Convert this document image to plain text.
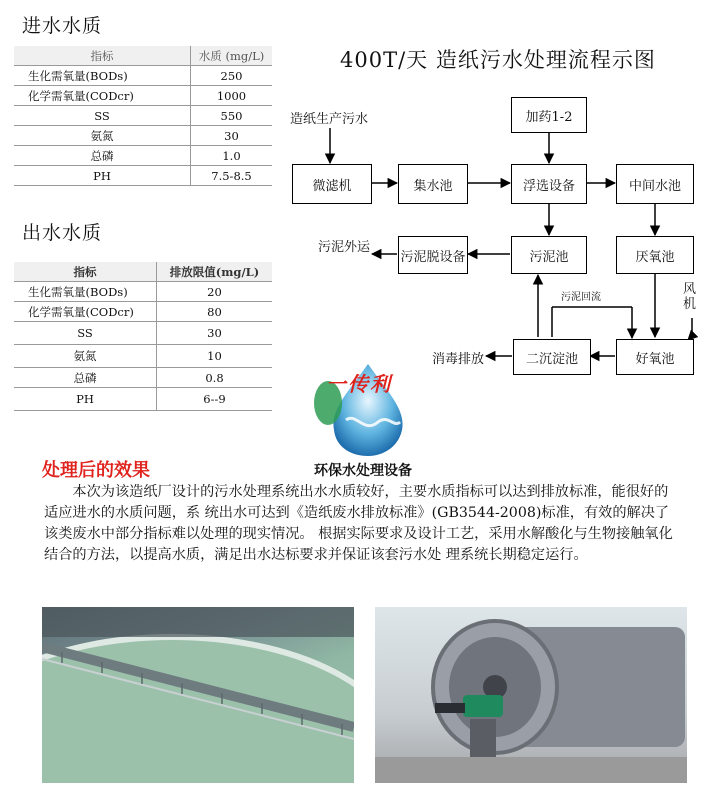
进水水质
指标	水质 (mg/L)
生化需氧量(BODs)	250
化学需氧量(CODcr)	1000
SS	550
氨氮	30
总磷	1.0
PH	7.5-8.5
出水水质
指标	排放限值(mg/L)
生化需氧量(BODs)	20
化学需氧量(CODcr)	80
SS	30
氨氮	10
总磷	0.8
PH	6--9
400T/天 造纸污水处理流程示图
微滤机	集水池	浮选设备	中间水池
加药1-2
污泥脱设备	污泥池	厌氧池
二沉淀池	好氧池
造纸生产污水
污泥外运
污泥回流
消毒排放
风机
一传利
环保水处理设备
处理后的效果
本次为该造纸厂设计的污水处理系统出水水质较好，主要水质指标可以达到排放标准，能很好的适应进水的水质问题，系 统出水可达到《造纸废水排放标准》(GB3544-2008)标准，有效的解决了该类废水中部分指标难以处理的现实情况。 根据实际要求及设计工艺，采用水解酸化与生物接触氧化结合的方法，以提高水质，满足出水达标要求并保证该套污水处 理系统长期稳定运行。
